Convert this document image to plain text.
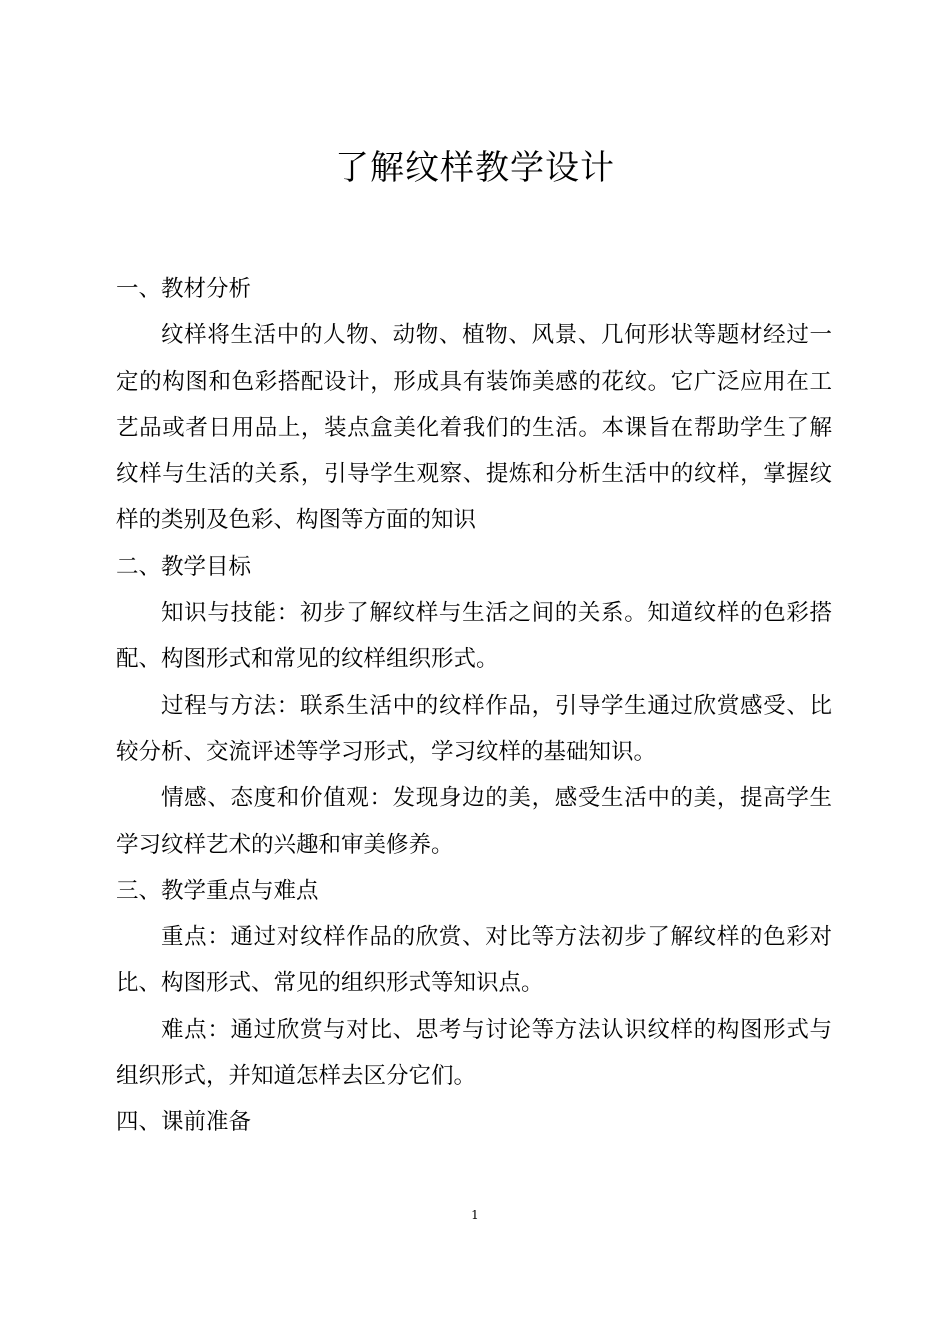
了解纹样教学设计

一、教材分析

纹样将生活中的人物、动物、植物、风景、几何形状等题材经过一定的构图和色彩搭配设计，形成具有装饰美感的花纹。它广泛应用在工艺品或者日用品上，装点盒美化着我们的生活。本课旨在帮助学生了解纹样与生活的关系，引导学生观察、提炼和分析生活中的纹样，掌握纹样的类别及色彩、构图等方面的知识

二、教学目标

知识与技能：初步了解纹样与生活之间的关系。知道纹样的色彩搭配、构图形式和常见的纹样组织形式。

过程与方法：联系生活中的纹样作品，引导学生通过欣赏感受、比较分析、交流评述等学习形式，学习纹样的基础知识。

情感、态度和价值观：发现身边的美，感受生活中的美，提高学生学习纹样艺术的兴趣和审美修养。

三、教学重点与难点

重点：通过对纹样作品的欣赏、对比等方法初步了解纹样的色彩对比、构图形式、常见的组织形式等知识点。

难点：通过欣赏与对比、思考与讨论等方法认识纹样的构图形式与组织形式，并知道怎样去区分它们。

四、课前准备

1
